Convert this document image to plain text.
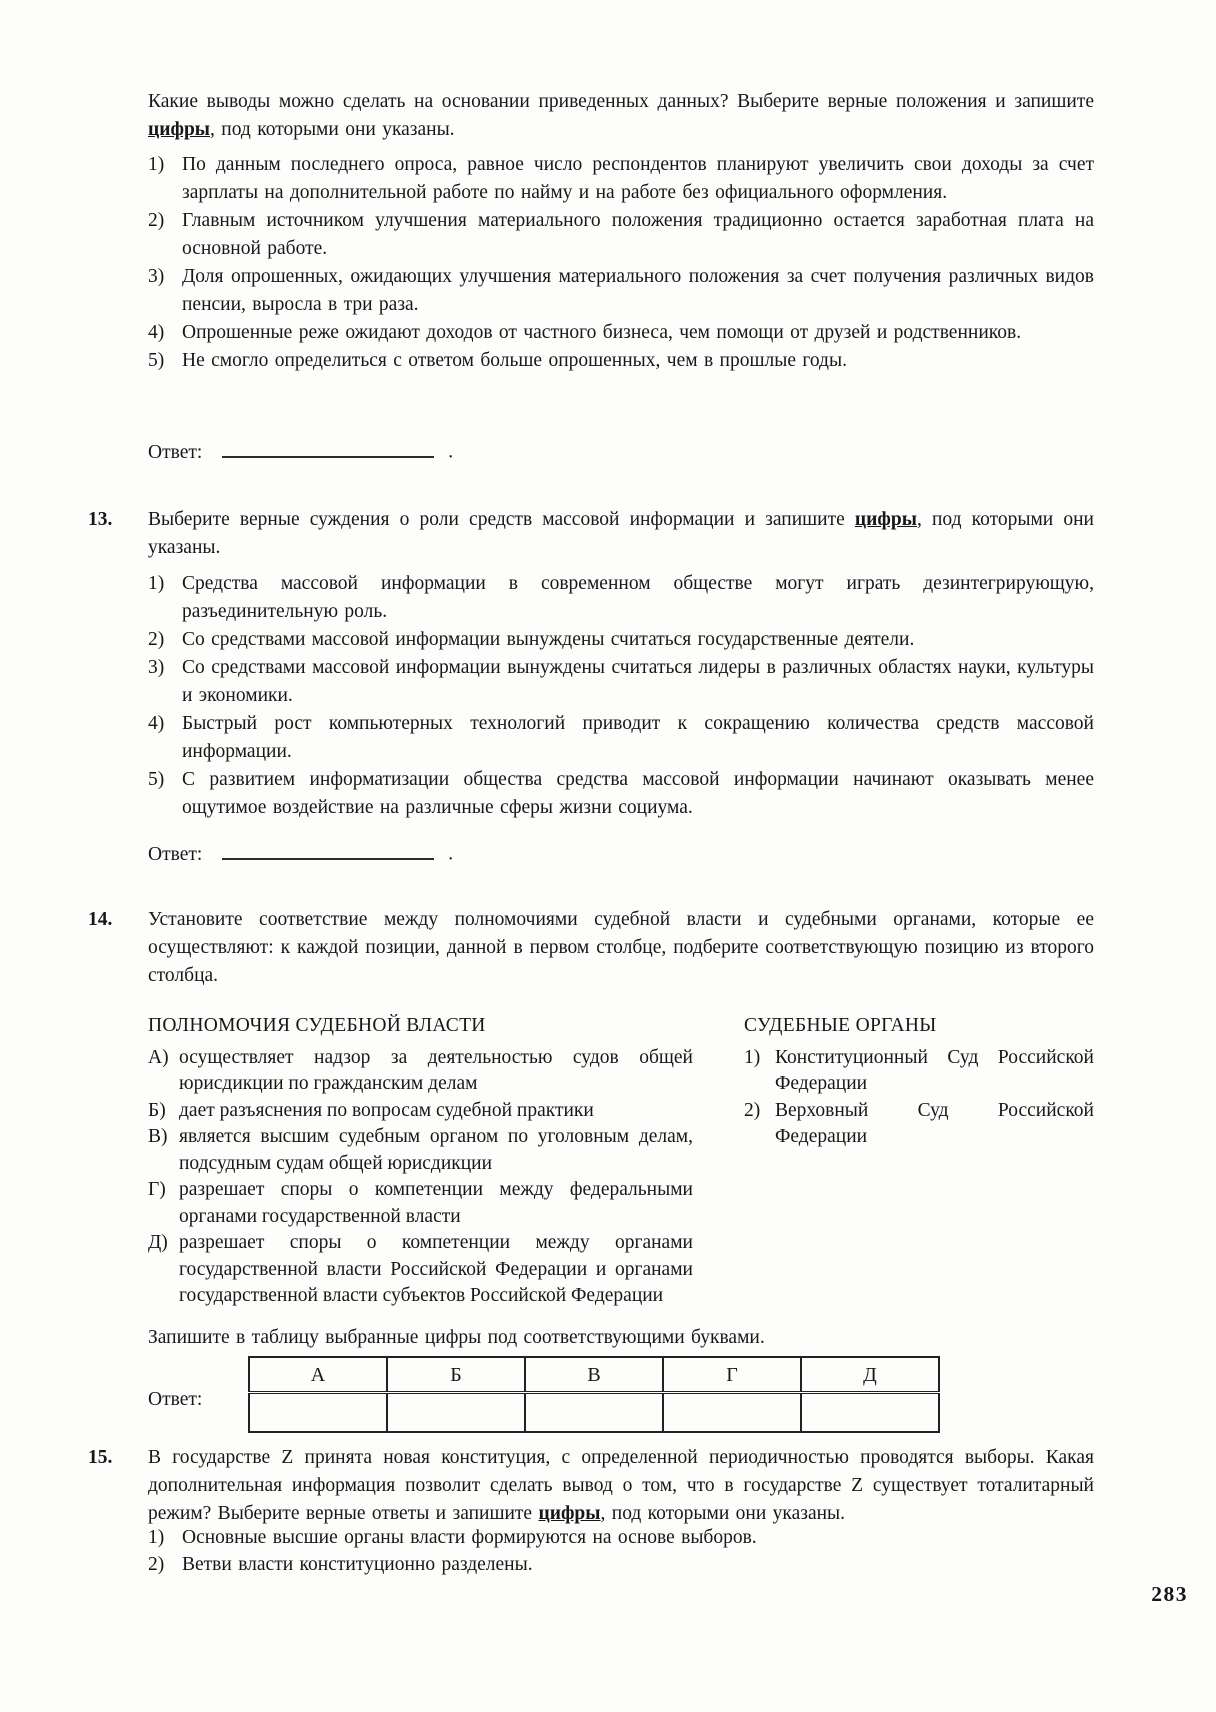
Какие выводы можно сделать на основании приведенных данных? Выберите верные положения и запишите цифры, под которыми они указаны.

1) По данным последнего опроса, равное число респондентов планируют увеличить свои доходы за счет зарплаты на дополнительной работе по найму и на работе без официального оформления.
2) Главным источником улучшения материального положения традиционно остается заработная плата на основной работе.
3) Доля опрошенных, ожидающих улучшения материального положения за счет получения различных видов пенсии, выросла в три раза.
4) Опрошенные реже ожидают доходов от частного бизнеса, чем помощи от друзей и родственников.
5) Не смогло определиться с ответом больше опрошенных, чем в прошлые годы.
Ответ:	.
13.	Выберите верные суждения о роли средств массовой информации и запишите цифры, под которыми они указаны.

1) Средства массовой информации в современном обществе могут играть дезинтегрирующую, разъединительную роль.
2) Со средствами массовой информации вынуждены считаться государственные деятели.
3) Со средствами массовой информации вынуждены считаться лидеры в различных областях науки, культуры и экономики.
4) Быстрый рост компьютерных технологий приводит к сокращению количества средств массовой информации.
5) С развитием информатизации общества средства массовой информации начинают оказывать менее ощутимое воздействие на различные сферы жизни социума.
Ответ:	.
14.	Установите соответствие между полномочиями судебной власти и судебными органами, которые ее осуществляют: к каждой позиции, данной в первом столбце, подберите соответствующую позицию из второго столбца.

ПОЛНОМОЧИЯ СУДЕБНОЙ ВЛАСТИ

А) осуществляет надзор за деятельностью судов общей юрисдикции по гражданским делам
Б) дает разъяснения по вопросам судебной практики
В) является высшим судебным органом по уголовным делам, подсудным судам общей юрисдикции
Г) разрешает споры о компетенции между федеральными органами государственной власти
Д) разрешает споры о компетенции между органами государственной власти Российской Федерации и органами государственной власти субъектов Российской Федерации

СУДЕБНЫЕ ОРГАНЫ

1) Конституционный Суд Российской Федерации
2) Верховный Суд Российской Федерации

Запишите в таблицу выбранные цифры под соответствующими буквами.

Ответ:
А	Б	В	Г	Д

15.	В государстве Z принята новая конституция, с определенной периодичностью проводятся выборы. Какая дополнительная информация позволит сделать вывод о том, что в государстве Z существует тоталитарный режим? Выберите верные ответы и запишите цифры, под которыми они указаны.

1) Основные высшие органы власти формируются на основе выборов.
2) Ветви власти конституционно разделены.
283
